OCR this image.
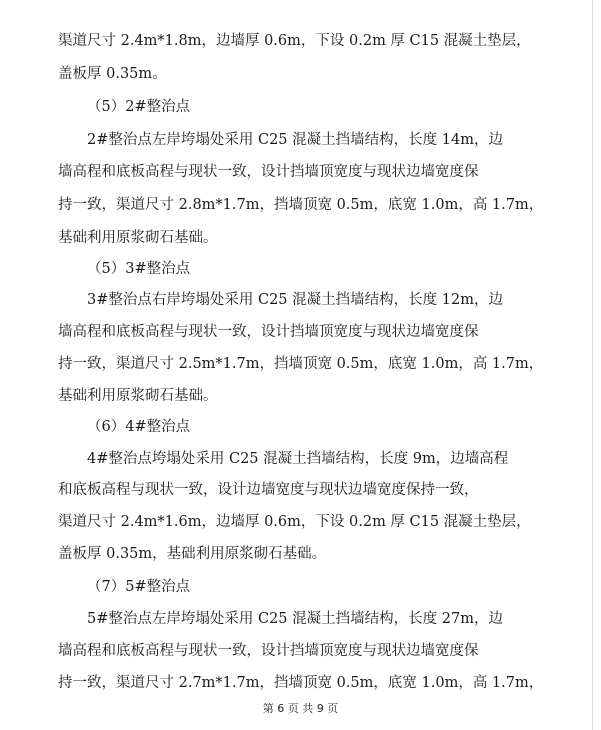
渠道尺寸 2.4m*1.8m，边墙厚 0.6m，下设 0.2m 厚 C15 混凝土垫层，
盖板厚 0.35m。
（5）2#整治点
2#整治点左岸垮塌处采用 C25 混凝土挡墙结构，长度 14m，边
墙高程和底板高程与现状一致，设计挡墙顶宽度与现状边墙宽度保
持一致，渠道尺寸 2.8m*1.7m，挡墙顶宽 0.5m，底宽 1.0m，高 1.7m，
基础利用原浆砌石基础。
（5）3#整治点
3#整治点右岸垮塌处采用 C25 混凝土挡墙结构，长度 12m，边
墙高程和底板高程与现状一致，设计挡墙顶宽度与现状边墙宽度保
持一致，渠道尺寸 2.5m*1.7m，挡墙顶宽 0.5m，底宽 1.0m，高 1.7m，
基础利用原浆砌石基础。
（6）4#整治点
4#整治点垮塌处采用 C25 混凝土挡墙结构，长度 9m，边墙高程
和底板高程与现状一致，设计边墙宽度与现状边墙宽度保持一致，
渠道尺寸 2.4m*1.6m，边墙厚 0.6m，下设 0.2m 厚 C15 混凝土垫层，
盖板厚 0.35m，基础利用原浆砌石基础。
（7）5#整治点
5#整治点左岸垮塌处采用 C25 混凝土挡墙结构，长度 27m，边
墙高程和底板高程与现状一致，设计挡墙顶宽度与现状边墙宽度保
持一致，渠道尺寸 2.7m*1.7m，挡墙顶宽 0.5m，底宽 1.0m，高 1.7m，
第 6 页 共 9 页
